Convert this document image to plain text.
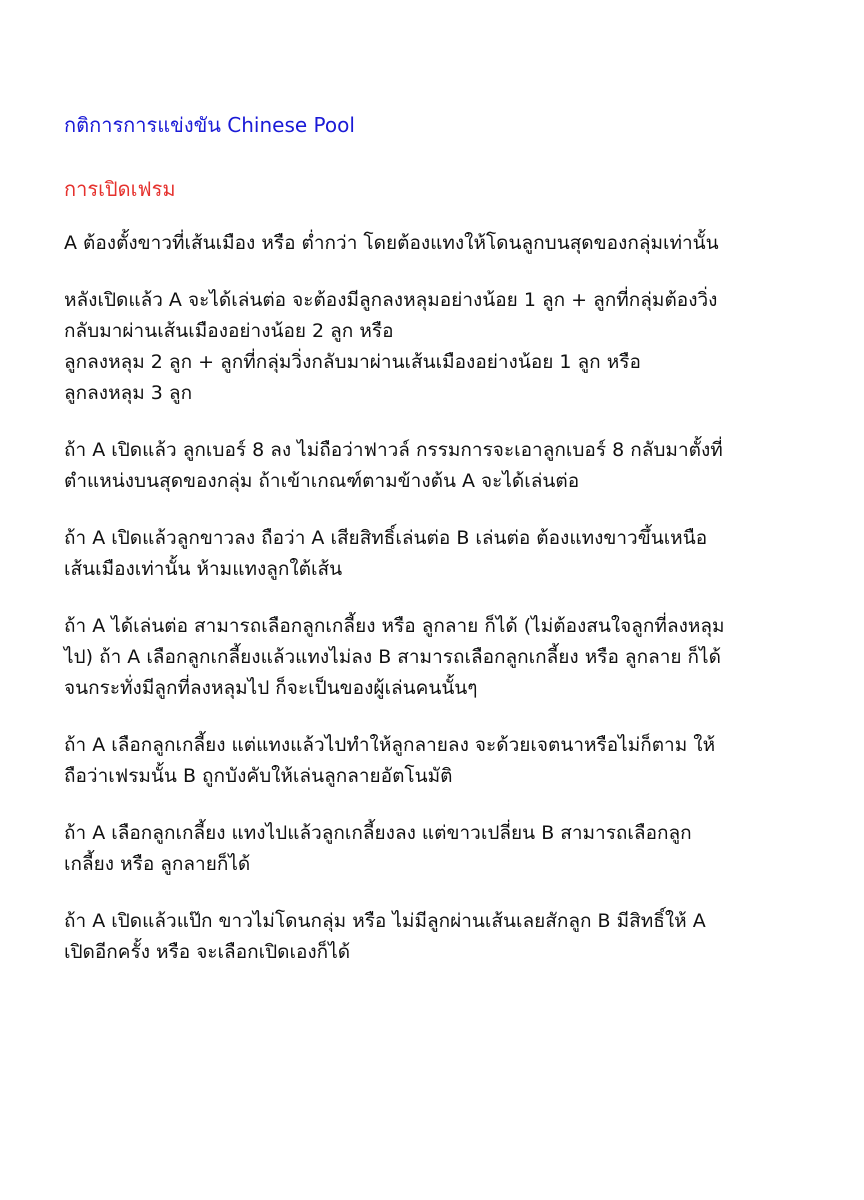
กติการการแข่งขัน Chinese Pool
การเปิดเฟรม

A ต้องตั้งขาวที่เส้นเมือง หรือ ต่ำกว่า โดยต้องแทงให้โดนลูกบนสุดของกลุ่มเท่านั้น

หลังเปิดแล้ว A จะได้เล่นต่อ จะต้องมีลูกลงหลุมอย่างน้อย 1 ลูก + ลูกที่กลุ่มต้องวิ่ง
กลับมาผ่านเส้นเมืองอย่างน้อย 2 ลูก หรือ
ลูกลงหลุม 2 ลูก + ลูกที่กลุ่มวิ่งกลับมาผ่านเส้นเมืองอย่างน้อย 1 ลูก หรือ
ลูกลงหลุม 3 ลูก

ถ้า A เปิดแล้ว ลูกเบอร์ 8 ลง ไม่ถือว่าฟาวล์ กรรมการจะเอาลูกเบอร์ 8 กลับมาตั้งที่
ตำแหน่งบนสุดของกลุ่ม ถ้าเข้าเกณฑ์ตามข้างต้น A จะได้เล่นต่อ

ถ้า A เปิดแล้วลูกขาวลง ถือว่า A เสียสิทธิ์เล่นต่อ B เล่นต่อ ต้องแทงขาวขึ้นเหนือ
เส้นเมืองเท่านั้น ห้ามแทงลูกใต้เส้น

ถ้า A ได้เล่นต่อ สามารถเลือกลูกเกลี้ยง หรือ ลูกลาย ก็ได้ (ไม่ต้องสนใจลูกที่ลงหลุม
ไป) ถ้า A เลือกลูกเกลี้ยงแล้วแทงไม่ลง B สามารถเลือกลูกเกลี้ยง หรือ ลูกลาย ก็ได้
จนกระทั่งมีลูกที่ลงหลุมไป ก็จะเป็นของผู้เล่นคนนั้นๆ

ถ้า A เลือกลูกเกลี้ยง แต่แทงแล้วไปทำให้ลูกลายลง จะด้วยเจตนาหรือไม่ก็ตาม ให้
ถือว่าเฟรมนั้น B ถูกบังคับให้เล่นลูกลายอัตโนมัติ

ถ้า A เลือกลูกเกลี้ยง แทงไปแล้วลูกเกลี้ยงลง แต่ขาวเปลี่ยน B สามารถเลือกลูก
เกลี้ยง หรือ ลูกลายก็ได้

ถ้า A เปิดแล้วแป๊ก ขาวไม่โดนกลุ่ม หรือ ไม่มีลูกผ่านเส้นเลยสักลูก B มีสิทธิ์ให้ A
เปิดอีกครั้ง หรือ จะเลือกเปิดเองก็ได้
